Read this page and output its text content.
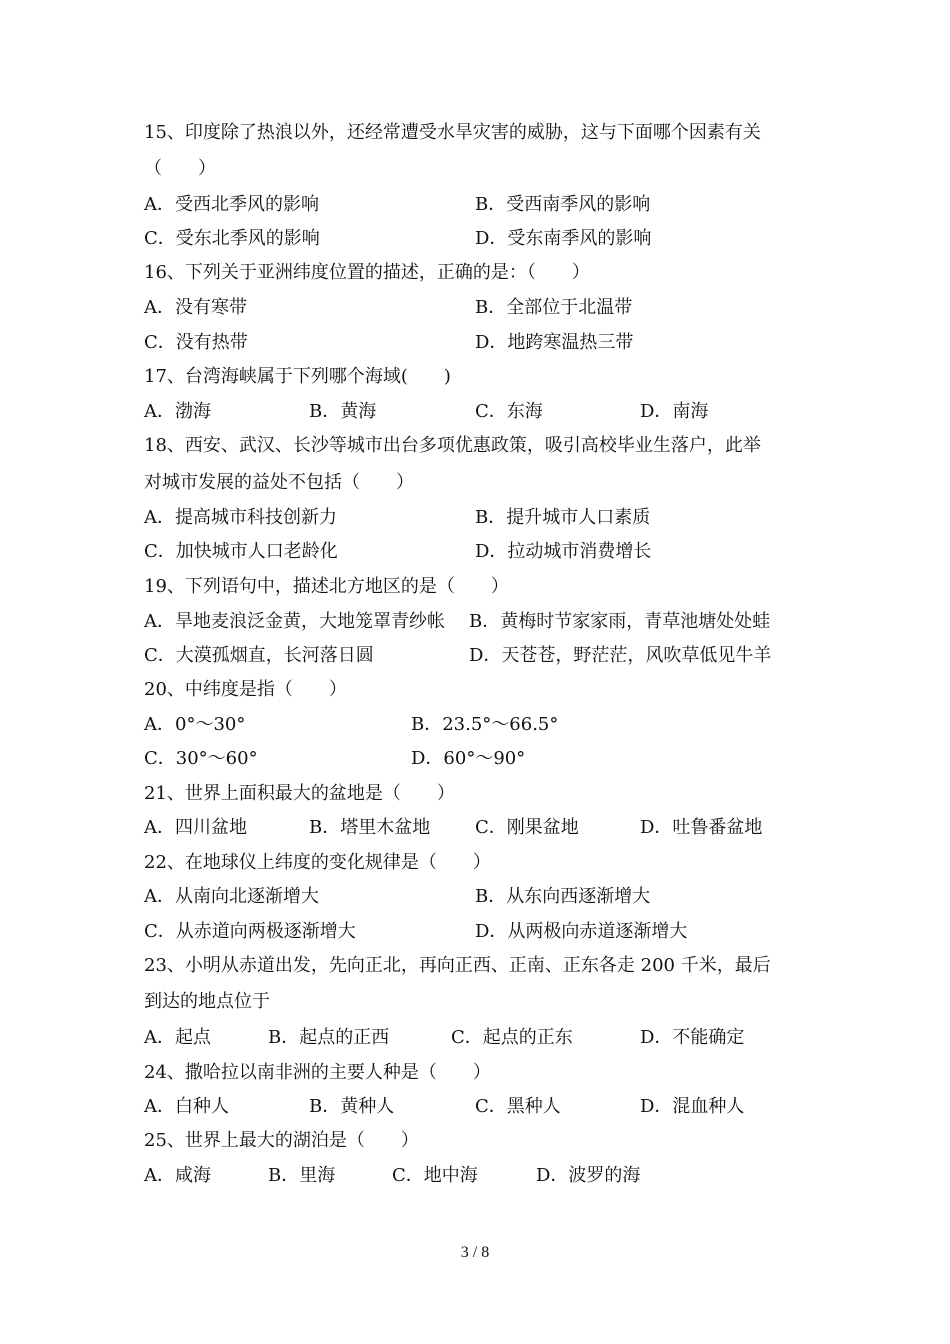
15、印度除了热浪以外，还经常遭受水旱灾害的威胁，这与下面哪个因素有关
（　　）
A．受西北季风的影响	B．受西南季风的影响
C．受东北季风的影响	D．受东南季风的影响
16、下列关于亚洲纬度位置的描述，正确的是：（　　）
A．没有寒带	B．全部位于北温带
C．没有热带	D．地跨寒温热三带
17、台湾海峡属于下列哪个海域(　　)
A．渤海	B．黄海	C．东海	D．南海
18、西安、武汉、长沙等城市出台多项优惠政策，吸引高校毕业生落户，此举
对城市发展的益处不包括（　　）
A．提高城市科技创新力	B．提升城市人口素质
C．加快城市人口老龄化	D．拉动城市消费增长
19、下列语句中，描述北方地区的是（　　）
A．旱地麦浪泛金黄，大地笼罩青纱帐 B．黄梅时节家家雨，青草池塘处处蛙
C．大漠孤烟直，长河落日圆	D．天苍苍，野茫茫，风吹草低见牛羊
20、中纬度是指（　　）
A．0°～30°	B．23.5°～66.5°
C．30°～60°	D．60°～90°
21、世界上面积最大的盆地是（　　）
A．四川盆地	B．塔里木盆地 C．刚果盆地	D．吐鲁番盆地
22、在地球仪上纬度的变化规律是（　　）
A．从南向北逐渐增大	B．从东向西逐渐增大
C．从赤道向两极逐渐增大	D．从两极向赤道逐渐增大
23、小明从赤道出发，先向正北，再向正西、正南、正东各走 200 千米，最后
到达的地点位于
A．起点	B．起点的正西	C．起点的正东	D．不能确定
24、撒哈拉以南非洲的主要人种是（　　）
A．白种人	B．黄种人	C．黑种人	D．混血种人
25、世界上最大的湖泊是（　　）
A．咸海	B．里海	C．地中海	D．波罗的海
3 / 8
